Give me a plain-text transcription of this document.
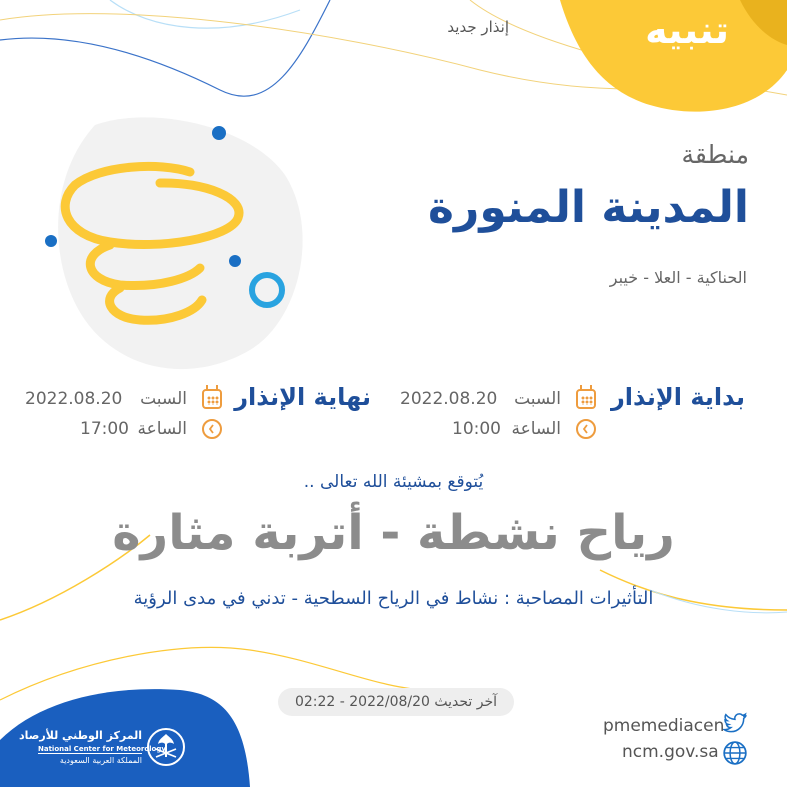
تنبيه
إنذار جديد
منطقة
المدينة المنورة
الحناكية - العلا - خيبر
بداية الإنذار
السبت
2022.08.20
الساعة
10:00
نهاية الإنذار
السبت
2022.08.20
الساعة
17:00
يُتوقع بمشيئة الله تعالى ..
رياح نشطة - أتربة مثارة
التأثيرات المصاحبة : نشاط في الرياح السطحية - تدني في مدى الرؤية
آخر تحديث 2022/08/20 - 02:22
pmemediacen
ncm.gov.sa
المركز الوطني للأرصاد
National Center for Meteorology
المملكة العربية السعودية
